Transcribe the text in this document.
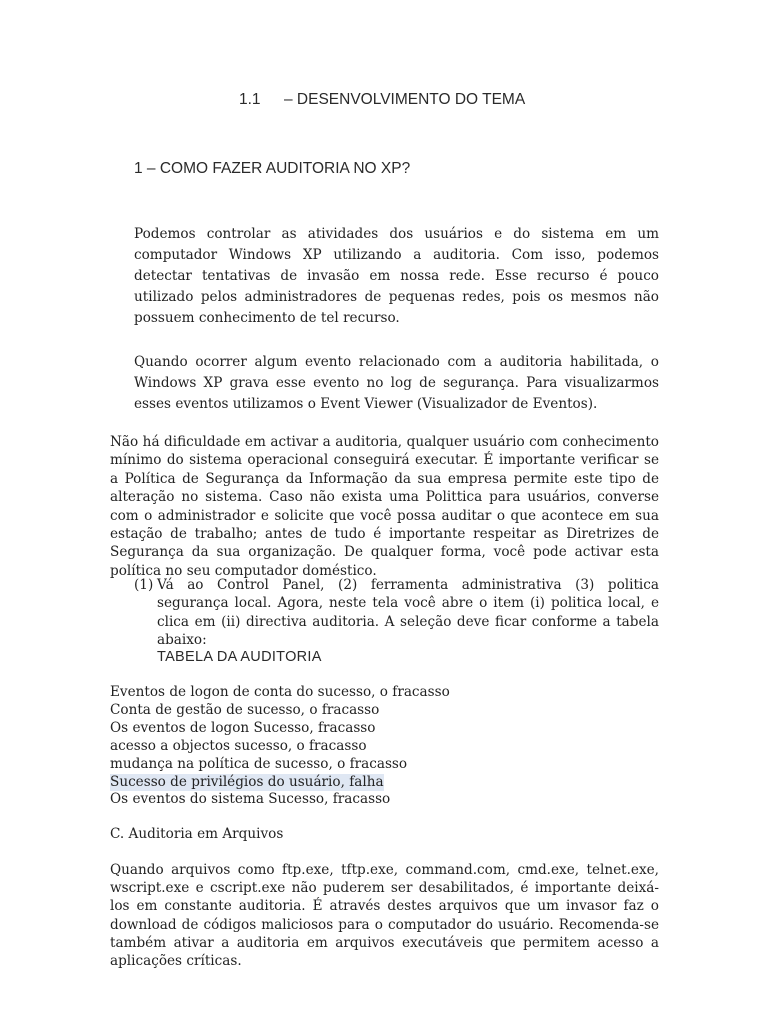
1.1 – DESENVOLVIMENTO DO TEMA
1 – COMO FAZER AUDITORIA NO XP?

Podemos controlar as atividades dos usuários e do sistema em um computador Windows XP utilizando a auditoria. Com isso, podemos detectar tentativas de invasão em nossa rede. Esse recurso é pouco utilizado pelos administradores de pequenas redes, pois os mesmos não possuem conhecimento de tel recurso.

Quando ocorrer algum evento relacionado com a auditoria habilitada, o Windows XP grava esse evento no log de segurança. Para visualizarmos esses eventos utilizamos o Event Viewer (Visualizador de Eventos).

Não há dificuldade em activar a auditoria, qualquer usuário com conhecimento mínimo do sistema operacional conseguirá executar. É importante verificar se a Política de Segurança da Informação da sua empresa permite este tipo de alteração no sistema. Caso não exista uma Polittica para usuários, converse com o administrador e solicite que você possa auditar o que acontece em sua estação de trabalho; antes de tudo é importante respeitar as Diretrizes de Segurança da sua organização. De qualquer forma, você pode activar esta política no seu computador doméstico.

(1) Vá ao Control Panel, (2) ferramenta administrativa (3) politica segurança local. Agora, neste tela você abre o item (i) politica local, e clica em (ii) directiva auditoria. A seleção deve ficar conforme a tabela abaixo:
TABELA DA AUDITORIA
Eventos de logon de conta do sucesso, o fracasso
Conta de gestão de sucesso, o fracasso
Os eventos de logon Sucesso, fracasso
acesso a objectos sucesso, o fracasso
mudança na política de sucesso, o fracasso
Sucesso de privilégios do usuário, falha
Os eventos do sistema Sucesso, fracasso
C. Auditoria em Arquivos

Quando arquivos como ftp.exe, tftp.exe, command.com, cmd.exe, telnet.exe, wscript.exe e cscript.exe não puderem ser desabilitados, é importante deixá-los em constante auditoria. É através destes arquivos que um invasor faz o download de códigos maliciosos para o computador do usuário. Recomenda-se também ativar a auditoria em arquivos executáveis que permitem acesso a aplicações críticas.
